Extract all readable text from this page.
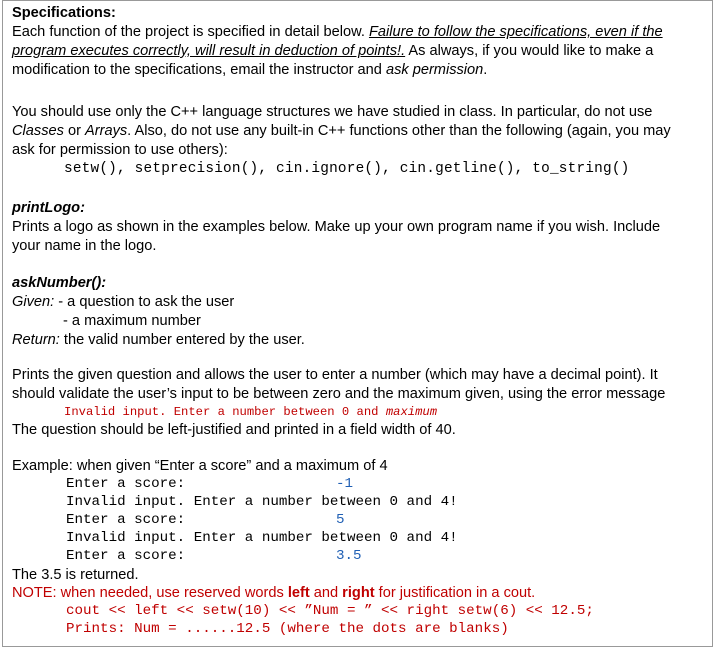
Specifications:
Each function of the project is specified in detail below. Failure to follow the specifications, even if the
program executes correctly, will result in deduction of points!. As always, if you would like to make a
modification to the specifications, email the instructor and ask permission.
You should use only the C++ language structures we have studied in class. In particular, do not use
Classes or Arrays. Also, do not use any built-in C++ functions other than the following (again, you may
ask for permission to use others):
setw(), setprecision(), cin.ignore(), cin.getline(), to_string()
printLogo:
Prints a logo as shown in the examples below. Make up your own program name if you wish. Include
your name in the logo.
askNumber():
Given: - a question to ask the user
- a maximum number
Return: the valid number entered by the user.
Prints the given question and allows the user to enter a number (which may have a decimal point). It
should validate the user’s input to be between zero and the maximum given, using the error message
Invalid input. Enter a number between 0 and maximum
The question should be left-justified and printed in a field width of 40.
Example: when given “Enter a score” and a maximum of 4
Enter a score:	-1
Invalid input. Enter a number between 0 and 4!
Enter a score:	5
Invalid input. Enter a number between 0 and 4!
Enter a score:	3.5
The 3.5 is returned.
NOTE: when needed, use reserved words left and right for justification in a cout.
cout << left << setw(10) << ”Num = ” << right setw(6) << 12.5;
Prints: Num = ......12.5 (where the dots are blanks)
